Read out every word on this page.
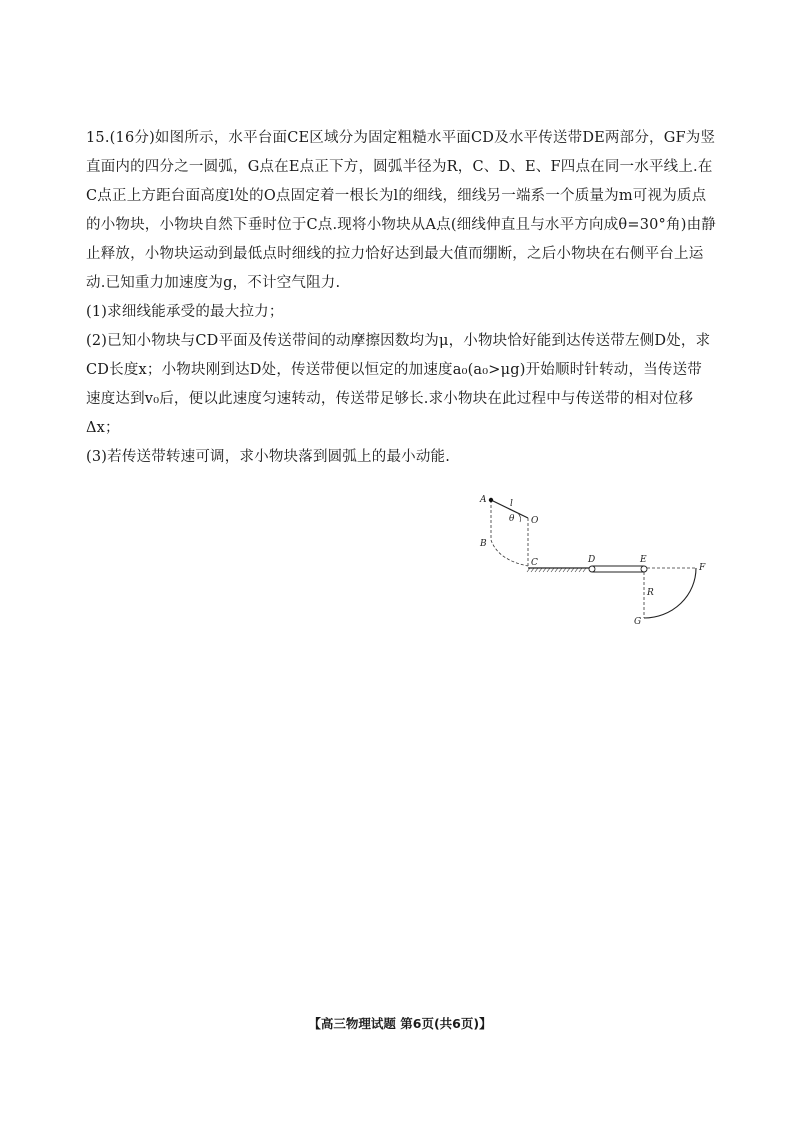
15.(16分)如图所示，水平台面CE区域分为固定粗糙水平面CD及水平传送带DE两部分，GF为竖直面内的四分之一圆弧，G点在E点正下方，圆弧半径为R，C、D、E、F四点在同一水平线上.在C点正上方距台面高度l处的O点固定着一根长为l的细线，细线另一端系一个质量为m可视为质点的小物块，小物块自然下垂时位于C点.现将小物块从A点(细线伸直且与水平方向成θ=30°角)由静止释放，小物块运动到最低点时细线的拉力恰好达到最大值而绷断，之后小物块在右侧平台上运动.已知重力加速度为g，不计空气阻力.

(1)求细线能承受的最大拉力；

(2)已知小物块与CD平面及传送带间的动摩擦因数均为μ，小物块恰好能到达传送带左侧D处，求CD长度x；小物块刚到达D处，传送带便以恒定的加速度a₀(a₀>μg)开始顺时针转动，当传送带速度达到v₀后，便以此速度匀速转动，传送带足够长.求小物块在此过程中与传送带的相对位移Δx；

(3)若传送带转速可调，求小物块落到圆弧上的最小动能.

A	l
θ O
B
C	D	E
F
R
G
【高三物理试题 第6页(共6页)】
